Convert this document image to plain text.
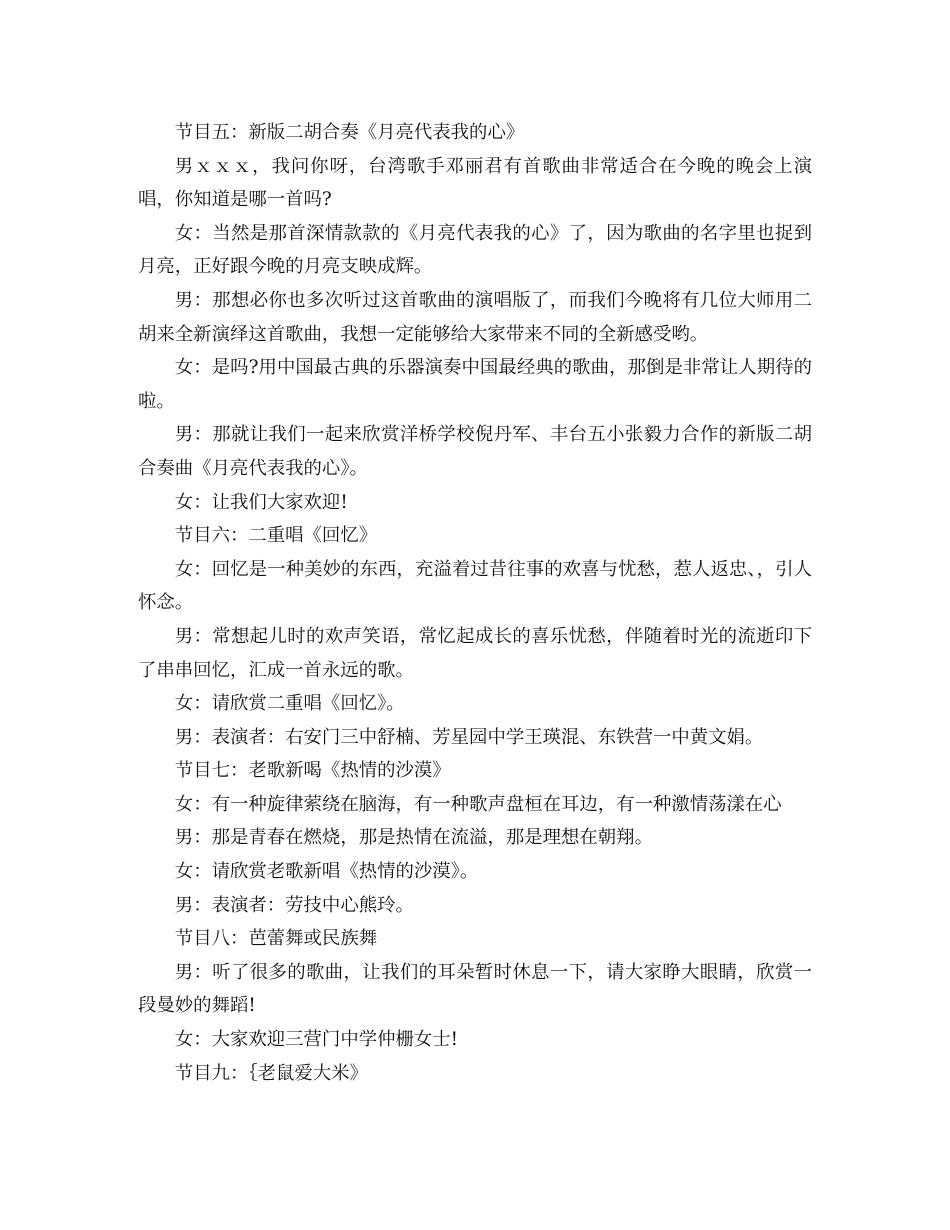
节目五：新版二胡合奏《月亮代表我的心》

男ｘｘｘ，我问你呀，台湾歌手邓丽君有首歌曲非常适合在今晚的晚会上演唱，你知道是哪一首吗?

女：当然是那首深情款款的《月亮代表我的心》了，因为歌曲的名字里也捉到月亮，正好跟今晚的月亮支映成辉。

男：那想必你也多次听过这首歌曲的演唱版了，而我们今晚将有几位大师用二胡来全新演绎这首歌曲，我想一定能够给大家带来不同的全新感受哟。

女：是吗?用中国最古典的乐器演奏中国最经典的歌曲，那倒是非常让人期待的啦。

男：那就让我们一起来欣赏洋桥学校倪丹军、丰台五小张毅力合作的新版二胡合奏曲《月亮代表我的心》。

女：让我们大家欢迎!

节目六：二重唱《回忆》

女：回忆是一种美妙的东西，充溢着过昔往事的欢喜与忧愁，惹人返忠、，引人怀念。

男：常想起儿时的欢声笑语，常忆起成长的喜乐忧愁，伴随着时光的流逝印下了串串回忆，汇成一首永远的歌。

女：请欣赏二重唱《回忆》。

男：表演者：右安门三中舒楠、芳星园中学王瑛混、东铁营一中黄文娟。

节目七：老歌新喝《热情的沙漠》

女：有一种旋律萦绕在脑海，有一种歌声盘桓在耳边，有一种激情荡漾在心

男：那是青春在燃烧，那是热情在流溢，那是理想在朝翔。

女：请欣赏老歌新唱《热情的沙漠》。

男：表演者：劳技中心熊玲。

节目八：芭蕾舞或民族舞

男：听了很多的歌曲，让我们的耳朵暂时休息一下，请大家睁大眼睛，欣赏一段曼妙的舞蹈!

女：大家欢迎三营门中学仲栅女士!

节目九：｛老鼠爱大米》
